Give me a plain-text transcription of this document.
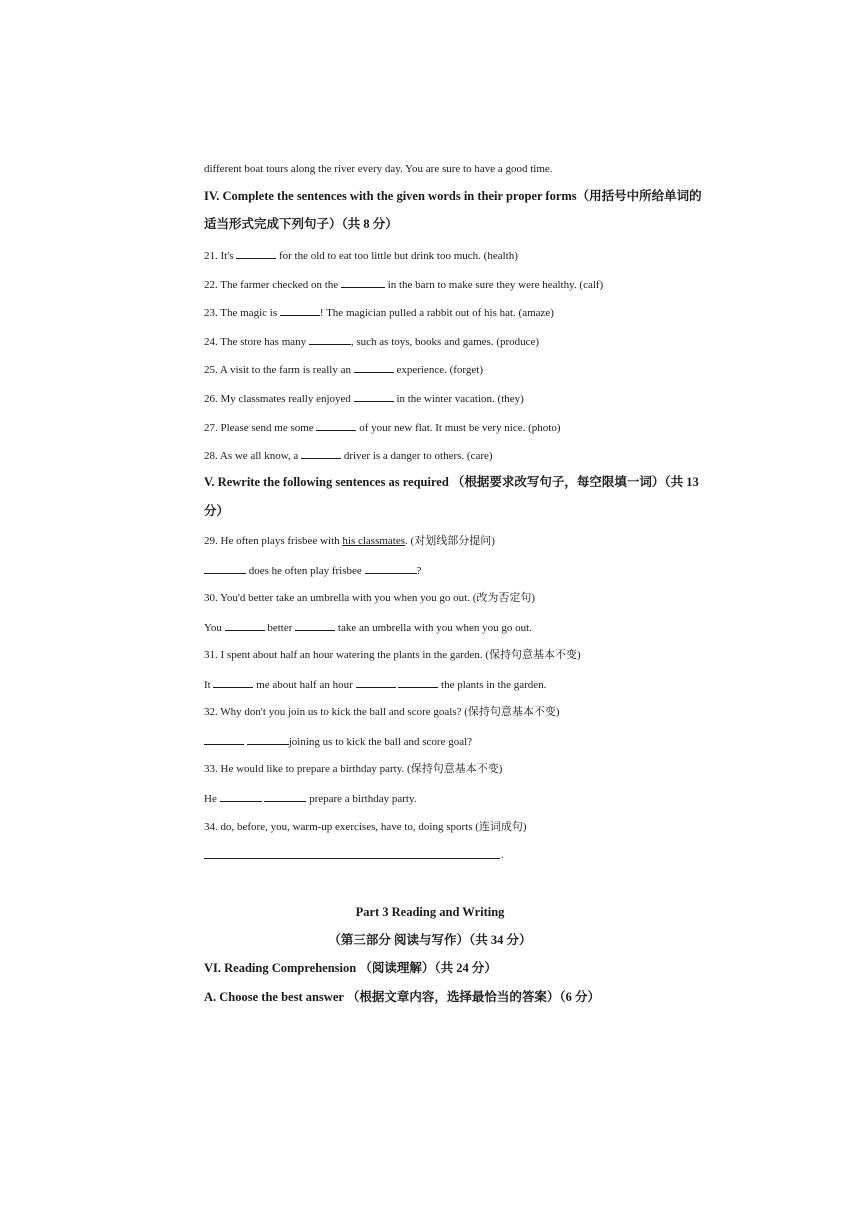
different boat tours along the river every day. You are sure to have a good time.
IV. Complete the sentences with the given words in their proper forms（用括号中所给单词的
适当形式完成下列句子）（共 8 分）
21. It's	for the old to eat too little but drink too much. (health)
22. The farmer checked on the	in the barn to make sure they were healthy. (calf)
23. The magic is	! The magician pulled a rabbit out of his hat. (amaze)
24. The store has many	, such as toys, books and games. (produce)
25. A visit to the farm is really an	experience. (forget)
26. My classmates really enjoyed	in the winter vacation. (they)
27. Please send me some	of your new flat. It must be very nice. (photo)
28. As we all know, a	driver is a danger to others. (care)
V. Rewrite the following sentences as required （根据要求改写句子，每空限填一词）（共 13
分）
29. He often plays frisbee with his classmates. (对划线部分提问)
does he often play frisbee	?
30. You'd better take an umbrella with you when you go out. (改为否定句)
You	better	take an umbrella with you when you go out.
31. I spent about half an hour watering the plants in the garden. (保持句意基本不变)
It	me about half an hour	the plants in the garden.
32. Why don't you join us to kick the ball and score goals? (保持句意基本不变)
joining us to kick the ball and score goal?
33. He would like to prepare a birthday party. (保持句意基本不变)
He	prepare a birthday party.
34. do, before, you, warm-up exercises, have to, doing sports (连词成句)
.
Part 3 Reading and Writing
（第三部分 阅读与写作）（共 34 分）
VI. Reading Comprehension （阅读理解）（共 24 分）
A. Choose the best answer （根据文章内容，选择最恰当的答案）（6 分）
